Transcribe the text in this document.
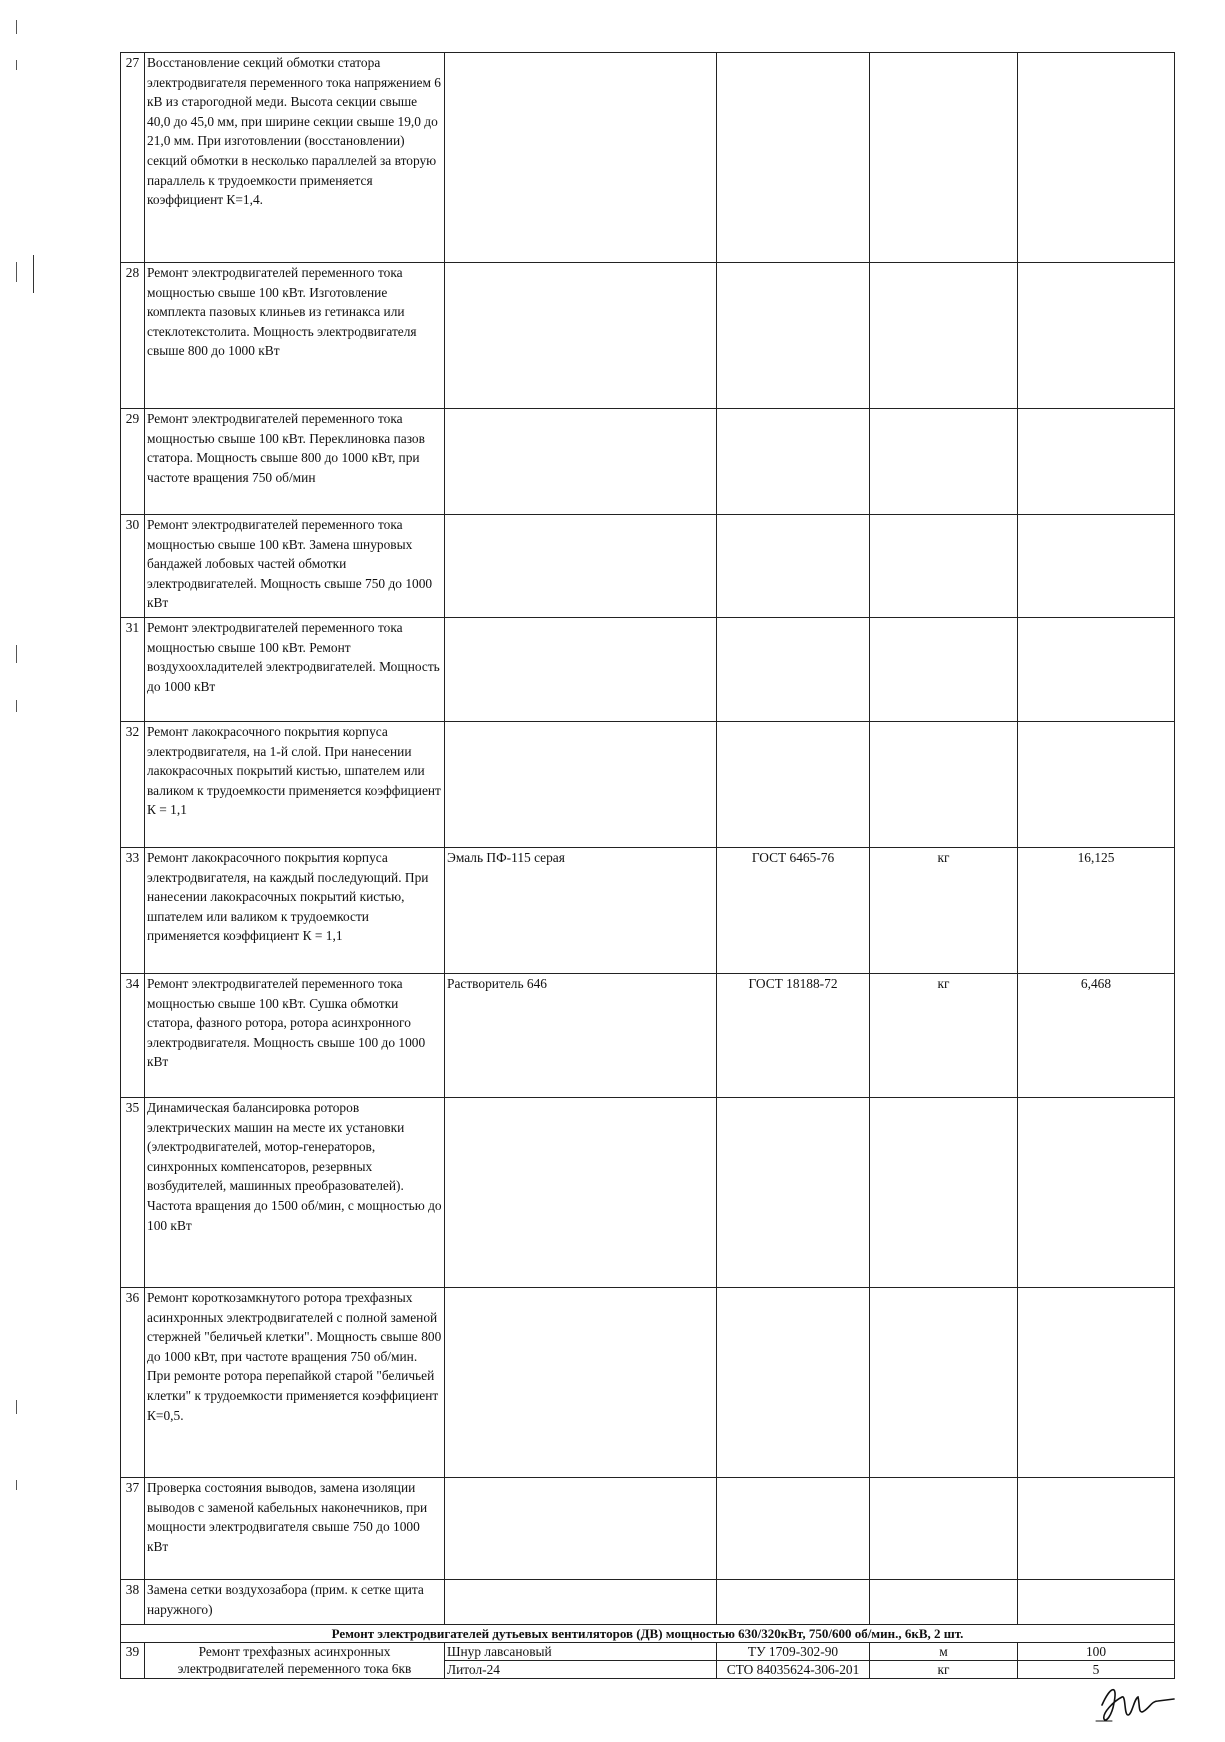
27	Восстановление секций обмотки статора электродвигателя переменного тока напряжением 6 кВ из старогодной меди. Высота секции свыше 40,0 до 45,0 мм, при ширине секции свыше 19,0 до 21,0 мм. При изготовлении (восстановлении) секций обмотки в несколько параллелей за вторую параллель к трудоемкости применяется коэффициент К=1,4.				
28	Ремонт электродвигателей переменного тока мощностью свыше 100 кВт. Изготовление комплекта пазовых клиньев из гетинакса или стеклотекстолита. Мощность электродвигателя свыше 800 до 1000 кВт				
29	Ремонт электродвигателей переменного тока мощностью свыше 100 кВт. Переклиновка пазов статора. Мощность свыше 800 до 1000 кВт, при частоте вращения 750 об/мин				
30	Ремонт электродвигателей переменного тока мощностью свыше 100 кВт. Замена шнуровых бандажей лобовых частей обмотки электродвигателей. Мощность свыше 750 до 1000 кВт				
31	Ремонт электродвигателей переменного тока мощностью свыше 100 кВт. Ремонт воздухоохладителей электродвигателей. Мощность до 1000 кВт				
32	Ремонт лакокрасочного покрытия корпуса электродвигателя, на 1-й слой. При нанесении лакокрасочных покрытий кистью, шпателем или валиком к трудоемкости применяется коэффициент К = 1,1				
33	Ремонт лакокрасочного покрытия корпуса электродвигателя, на каждый последующий. При нанесении лакокрасочных покрытий кистью, шпателем или валиком к трудоемкости применяется коэффициент К = 1,1	Эмаль ПФ-115 серая	ГОСТ 6465-76	кг	16,125
34	Ремонт электродвигателей переменного тока мощностью свыше 100 кВт. Сушка обмотки статора, фазного ротора, ротора асинхронного электродвигателя. Мощность свыше 100 до 1000 кВт	Растворитель 646	ГОСТ 18188-72	кг	6,468
35	Динамическая балансировка роторов электрических машин на месте их установки (электродвигателей, мотор-генераторов, синхронных компенсаторов, резервных возбудителей, машинных преобразователей). Частота вращения до 1500 об/мин, с мощностью до 100 кВт				
36	Ремонт короткозамкнутого ротора трехфазных асинхронных электродвигателей с полной заменой стержней "беличьей клетки". Мощность свыше 800 до 1000 кВт, при частоте вращения 750 об/мин. При ремонте ротора перепайкой старой "беличьей клетки" к трудоемкости применяется коэффициент К=0,5.				
37	Проверка состояния выводов, замена изоляции выводов с заменой кабельных наконечников, при мощности электродвигателя свыше 750 до 1000 кВт				
38	Замена сетки воздухозабора (прим. к сетке щита наружного)				
Ремонт электродвигателей дутьевых вентиляторов (ДВ) мощностью 630/320кВт, 750/600 об/мин., 6кВ, 2 шт.					
39	Ремонт трехфазных асинхронных электродвигателей переменного тока 6кв	Шнур лавсановый	ТУ 1709-302-90	м	100
		Литол-24	СТО 84035624-306-201	кг	5
